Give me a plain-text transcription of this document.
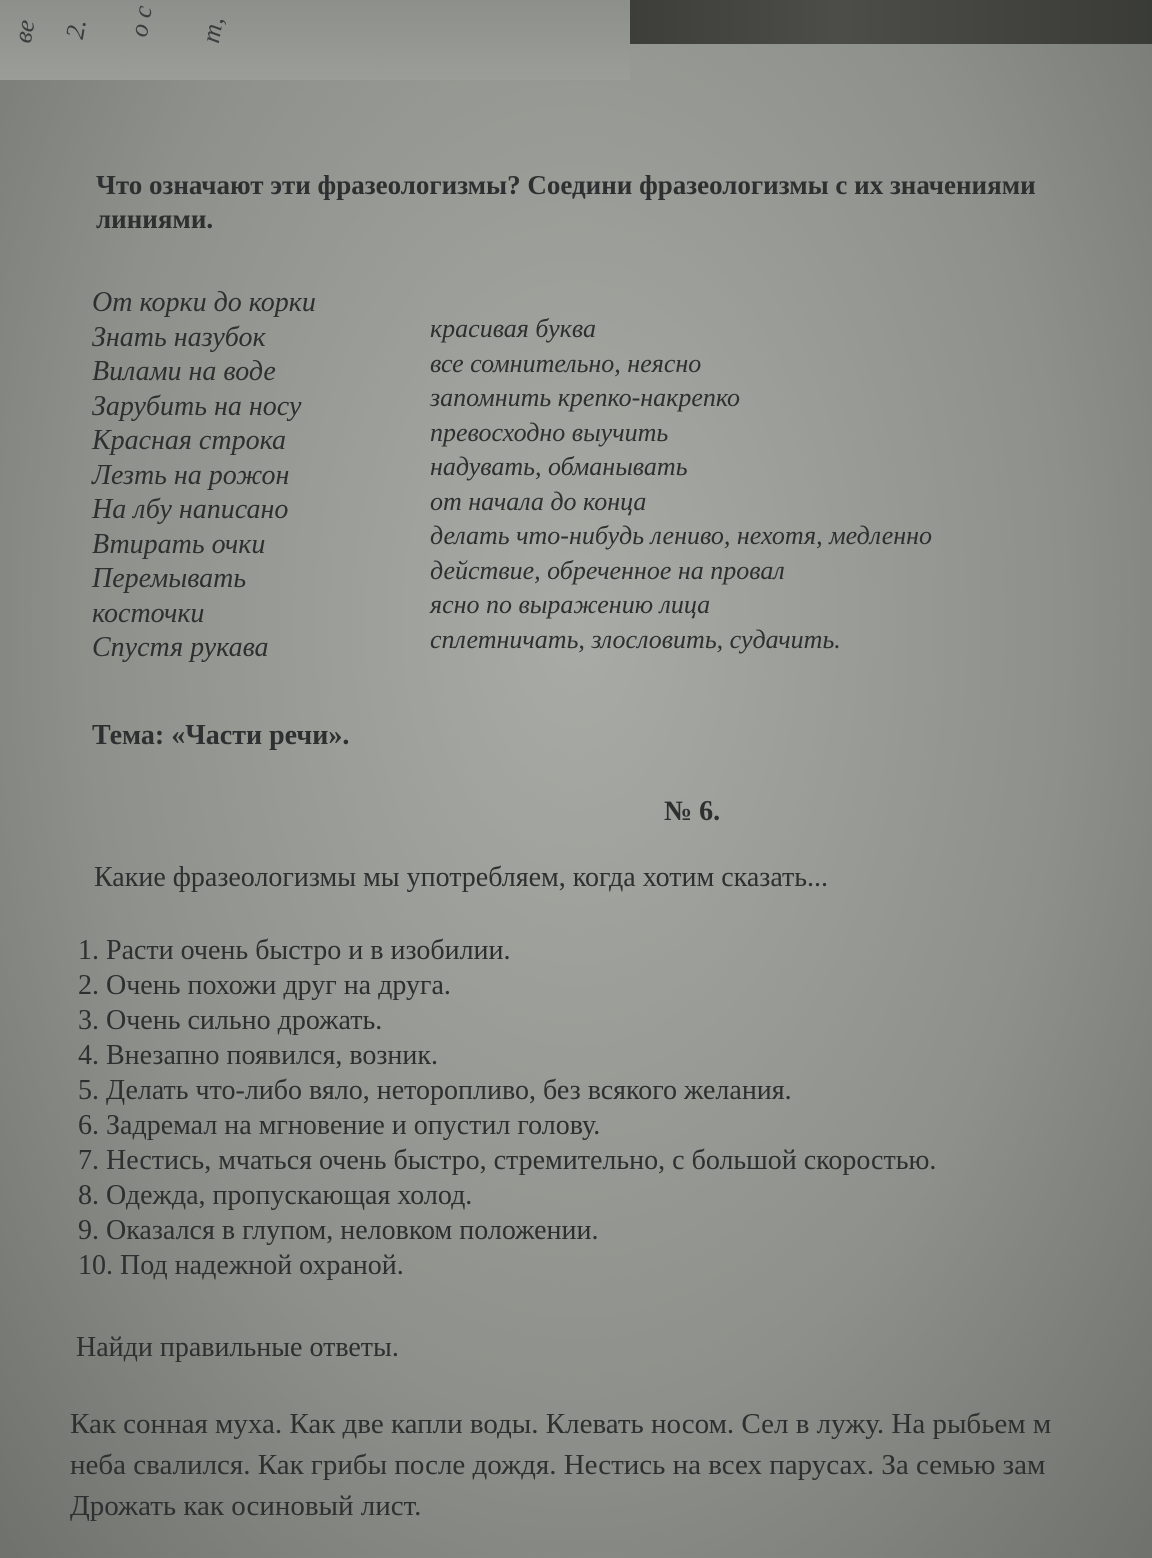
ве 2. о с т,
Что означают эти фразеологизмы? Соедини фразеологизмы с их значениями
линиями.
От корки до корки
Знать назубок
Вилами на воде
Зарубить на носу
Красная строка
Лезть на рожон
На лбу написано
Втирать очки
Перемывать
косточки
Спустя рукава
красивая буква
все сомнительно, неясно
запомнить крепко-накрепко
превосходно выучить
надувать, обманывать
от начала до конца
делать что-нибудь лениво, нехотя, медленно
действие, обреченное на провал
ясно по выражению лица
сплетничать, злословить, судачить.
Тема: «Части речи».
№ 6.
Какие фразеологизмы мы употребляем, когда хотим сказать...
1. Расти очень быстро и в изобилии.
2. Очень похожи друг на друга.
3. Очень сильно дрожать.
4. Внезапно появился, возник.
5. Делать что-либо вяло, неторопливо, без всякого желания.
6. Задремал на мгновение и опустил голову.
7. Нестись, мчаться очень быстро, стремительно, с большой скоростью.
8. Одежда, пропускающая холод.
9. Оказался в глупом, неловком положении.
10. Под надежной охраной.
Найди правильные ответы.
Как сонная муха. Как две капли воды. Клевать носом. Сел в лужу. На рыбьем м
неба свалился. Как грибы после дождя. Нестись на всех парусах. За семью зам
Дрожать как осиновый лист.
